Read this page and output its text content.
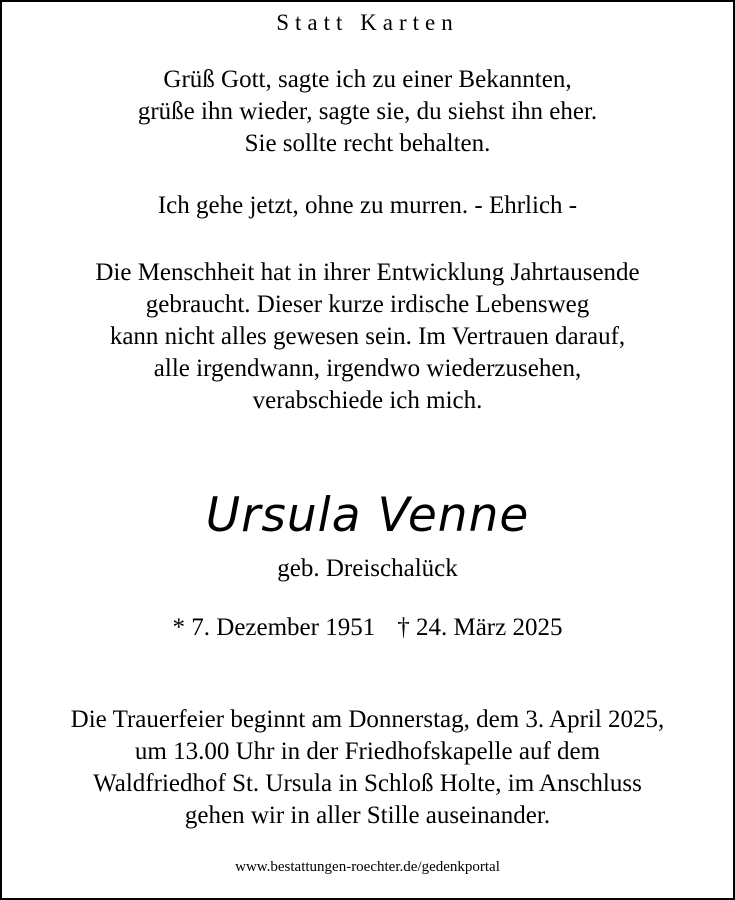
Statt Karten

Grüß Gott, sagte ich zu einer Bekannten,

grüße ihn wieder, sagte sie, du siehst ihn eher.

Sie sollte recht behalten.

Ich gehe jetzt, ohne zu murren. - Ehrlich -

Die Menschheit hat in ihrer Entwicklung Jahrtausende

gebraucht. Dieser kurze irdische Lebensweg

kann nicht alles gewesen sein. Im Vertrauen darauf,

alle irgendwann, irgendwo wiederzusehen,

verabschiede ich mich.

Ursula Venne

geb. Dreischalück

* 7. Dezember 1951 † 24. März 2025

Die Trauerfeier beginnt am Donnerstag, dem 3. April 2025,

um 13.00 Uhr in der Friedhofskapelle auf dem

Waldfriedhof St. Ursula in Schloß Holte, im Anschluss

gehen wir in aller Stille auseinander.

www.bestattungen-roechter.de/gedenkportal
